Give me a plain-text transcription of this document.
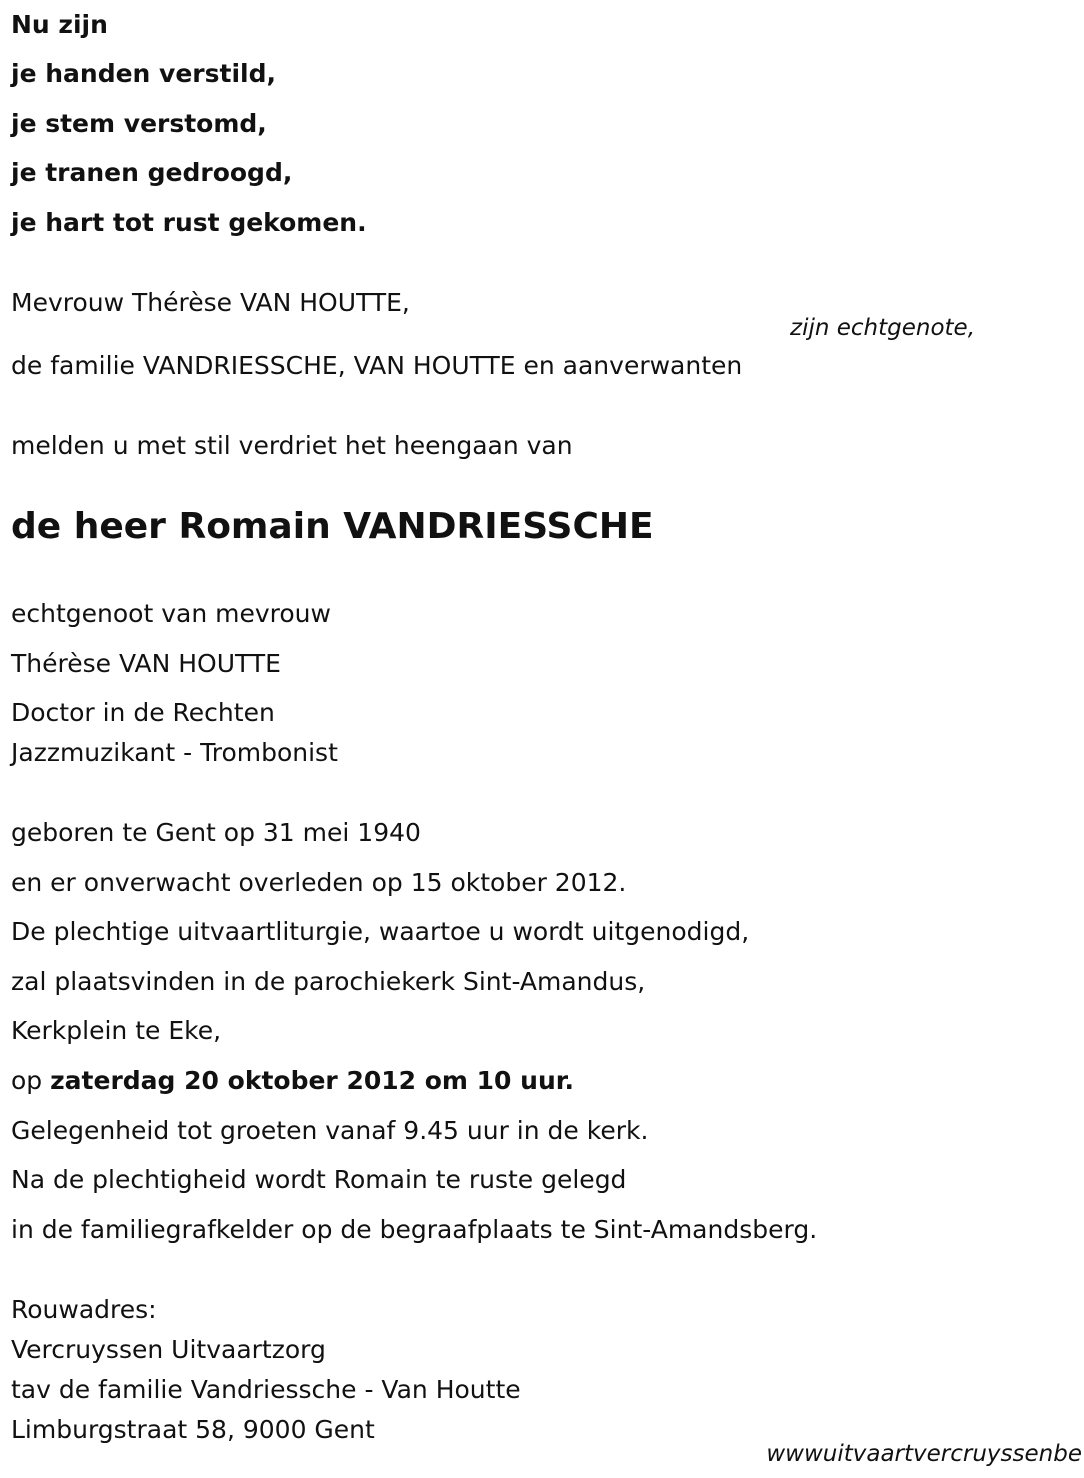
Nu zijn
je handen verstild,
je stem verstomd,
je tranen gedroogd,
je hart tot rust gekomen.
Mevrouw Thérèse VAN HOUTTE,
zijn echtgenote,
de familie VANDRIESSCHE, VAN HOUTTE en aanverwanten
melden u met stil verdriet het heengaan van
de heer Romain VANDRIESSCHE
echtgenoot van mevrouw
Thérèse VAN HOUTTE
Doctor in de Rechten
Jazzmuzikant - Trombonist
geboren te Gent op 31 mei 1940
en er onverwacht overleden op 15 oktober 2012.
De plechtige uitvaartliturgie, waartoe u wordt uitgenodigd,
zal plaatsvinden in de parochiekerk Sint-Amandus,
Kerkplein te Eke,
op zaterdag 20 oktober 2012 om 10 uur.
Gelegenheid tot groeten vanaf 9.45 uur in de kerk.
Na de plechtigheid wordt Romain te ruste gelegd
in de familiegrafkelder op de begraafplaats te Sint-Amandsberg.
Rouwadres:
Vercruyssen Uitvaartzorg
tav de familie Vandriessche - Van Houtte
Limburgstraat 58, 9000 Gent
wwwuitvaartvercruyssenbe
